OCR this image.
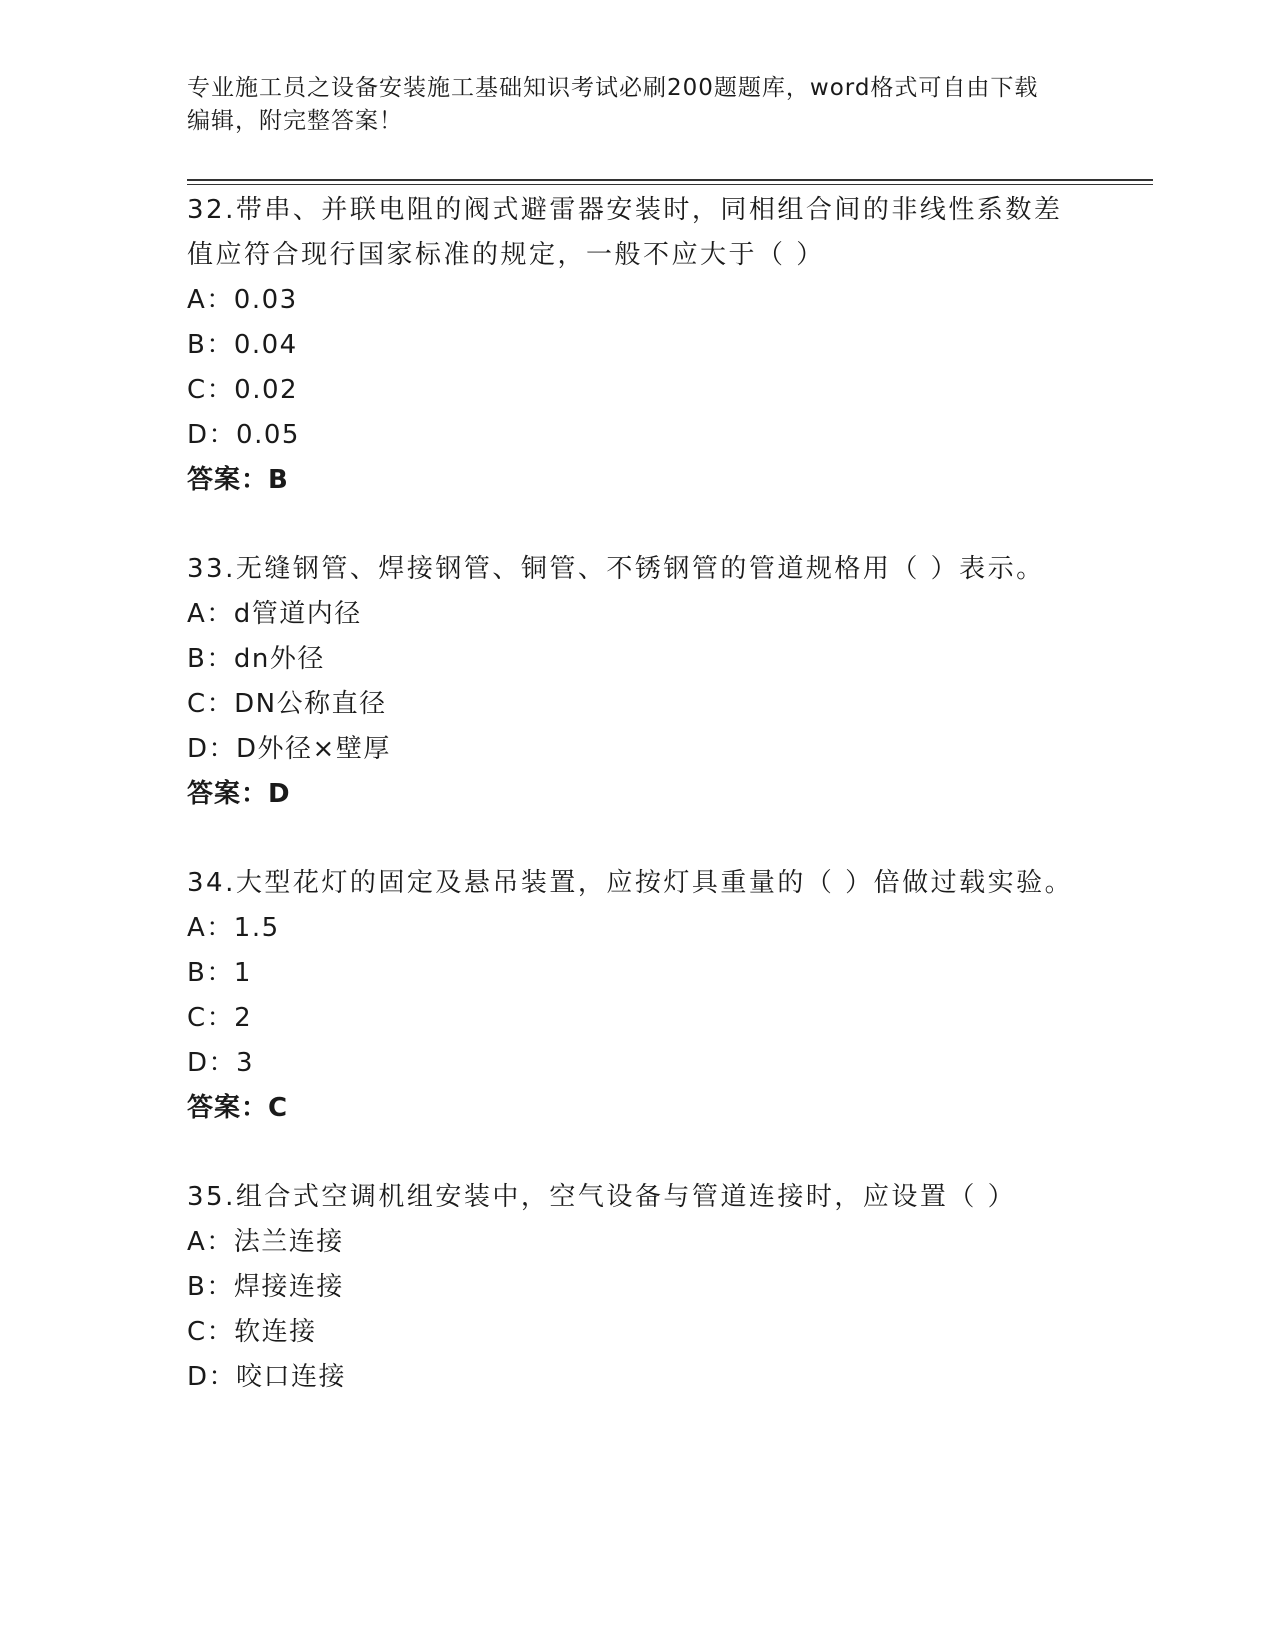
专业施工员之设备安装施工基础知识考试必刷200题题库，word格式可自由下载
编辑，附完整答案！
32.带串、并联电阻的阀式避雷器安装时，同相组合间的非线性系数差值应符合现行国家标准的规定，一般不应大于（ ）
A：0.03
B：0.04
C：0.02
D：0.05
答案：B
33.无缝钢管、焊接钢管、铜管、不锈钢管的管道规格用（ ）表示。
A：d管道内径
B：dn外径
C：DN公称直径
D：D外径×壁厚
答案：D
34.大型花灯的固定及悬吊装置，应按灯具重量的（ ）倍做过载实验。
A：1.5
B：1
C：2
D：3
答案：C
35.组合式空调机组安装中，空气设备与管道连接时，应设置（ ）
A：法兰连接
B：焊接连接
C：软连接
D：咬口连接
